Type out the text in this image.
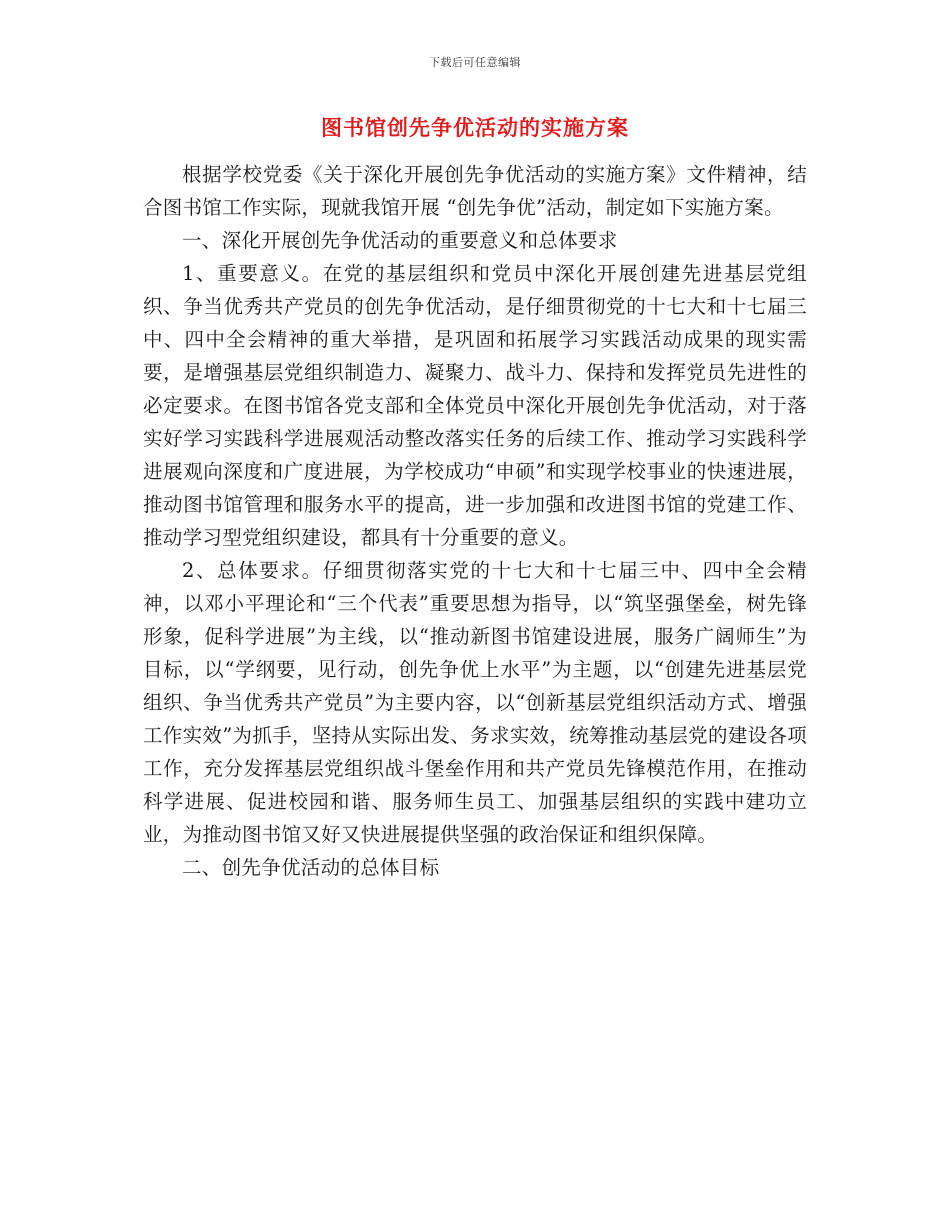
下载后可任意编辑
图书馆创先争优活动的实施方案

根据学校党委《关于深化开展创先争优活动的实施方案》文件精神，结合图书馆工作实际，现就我馆开展 “创先争优”活动，制定如下实施方案。

一、深化开展创先争优活动的重要意义和总体要求

1、重要意义。在党的基层组织和党员中深化开展创建先进基层党组织、争当优秀共产党员的创先争优活动，是仔细贯彻党的十七大和十七届三中、四中全会精神的重大举措，是巩固和拓展学习实践活动成果的现实需要，是增强基层党组织制造力、凝聚力、战斗力、保持和发挥党员先进性的必定要求。在图书馆各党支部和全体党员中深化开展创先争优活动，对于落实好学习实践科学进展观活动整改落实任务的后续工作、推动学习实践科学进展观向深度和广度进展，为学校成功“申硕”和实现学校事业的快速进展，推动图书馆管理和服务水平的提高，进一步加强和改进图书馆的党建工作、推动学习型党组织建设，都具有十分重要的意义。

2、总体要求。仔细贯彻落实党的十七大和十七届三中、四中全会精神，以邓小平理论和“三个代表”重要思想为指导，以“筑坚强堡垒，树先锋形象，促科学进展”为主线，以“推动新图书馆建设进展，服务广阔师生”为目标，以“学纲要，见行动，创先争优上水平”为主题，以“创建先进基层党组织、争当优秀共产党员”为主要内容，以“创新基层党组织活动方式、增强工作实效”为抓手，坚持从实际出发、务求实效，统筹推动基层党的建设各项工作，充分发挥基层党组织战斗堡垒作用和共产党员先锋模范作用，在推动科学进展、促进校园和谐、服务师生员工、加强基层组织的实践中建功立业，为推动图书馆又好又快进展提供坚强的政治保证和组织保障。

二、创先争优活动的总体目标
